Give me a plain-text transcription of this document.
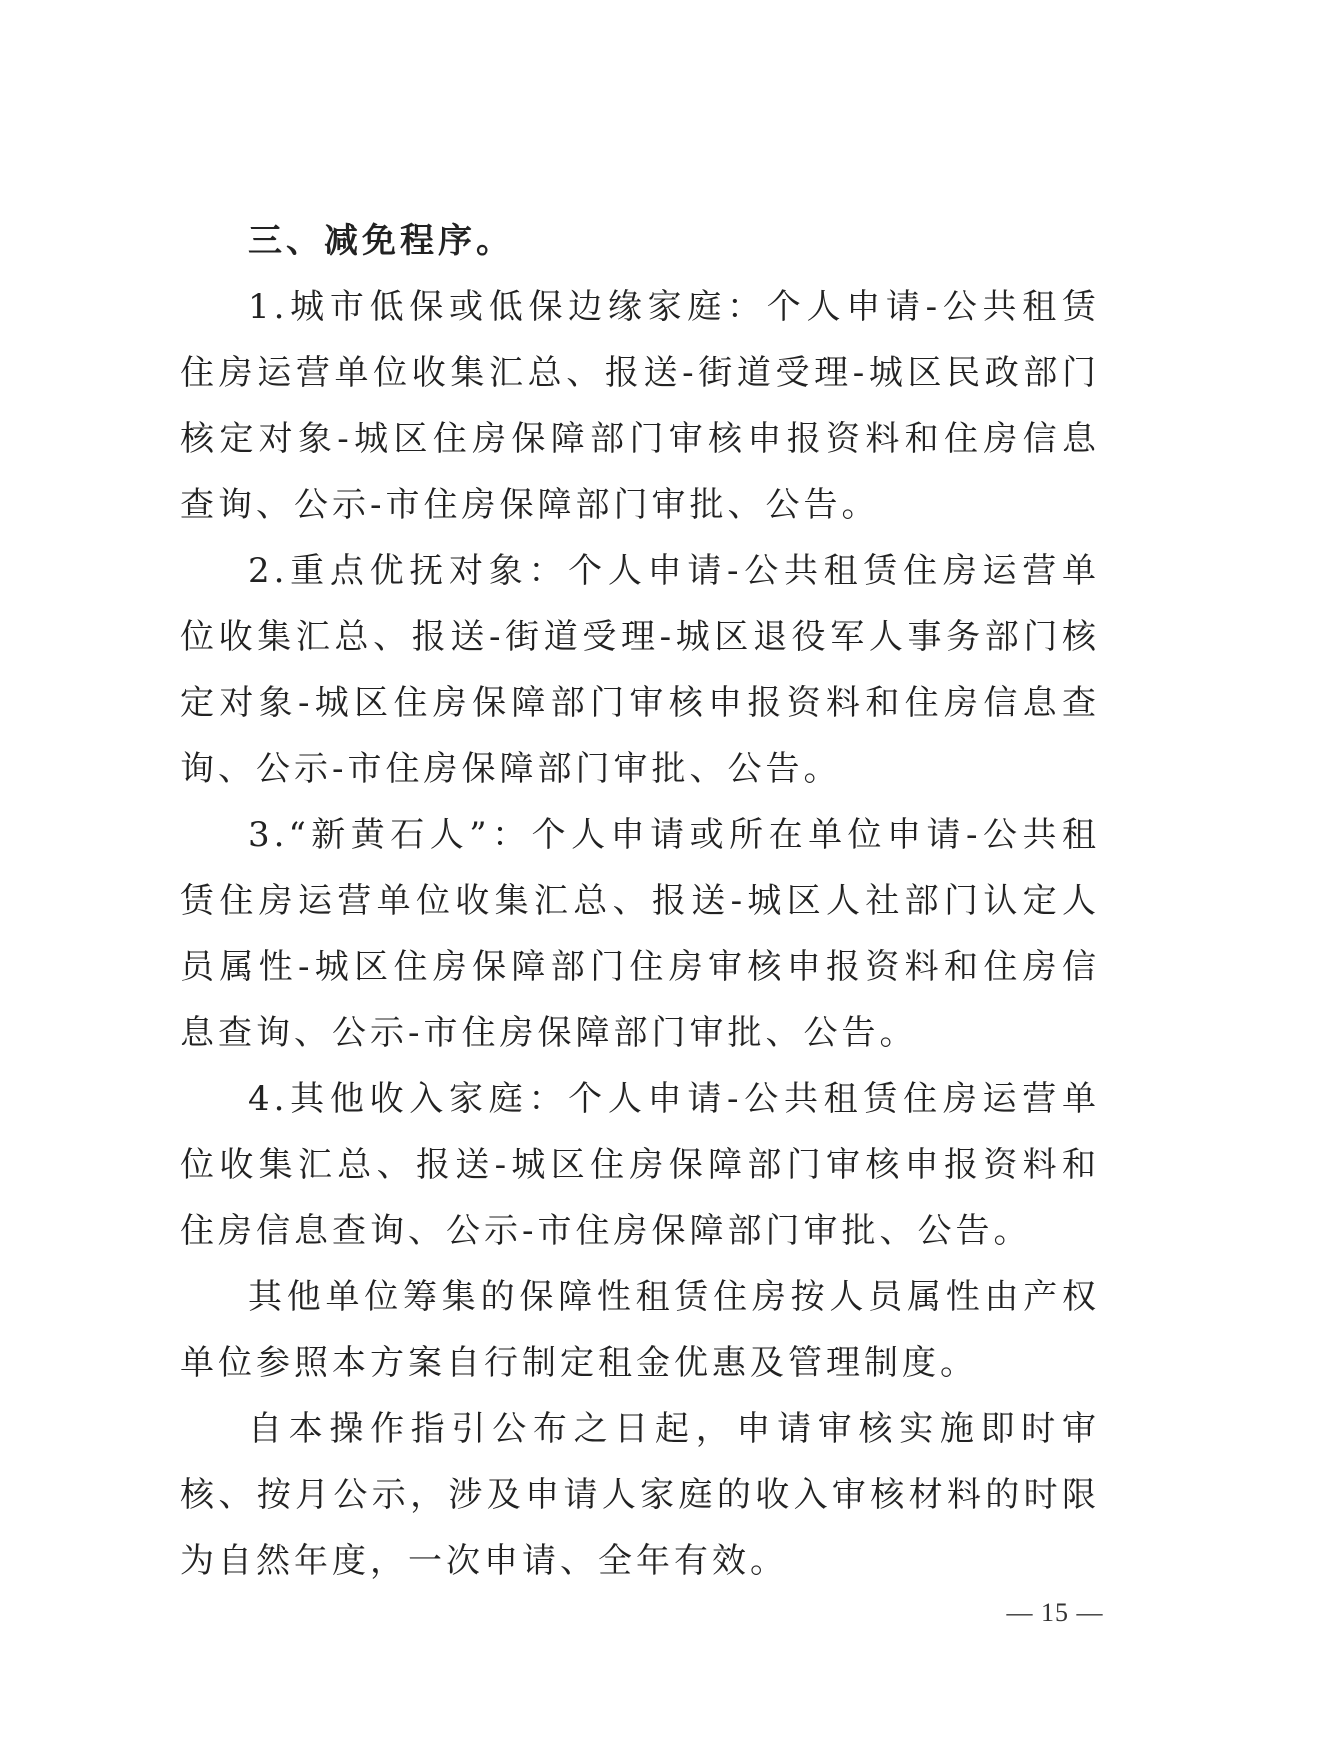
三、减免程序。

1.城市低保或低保边缘家庭：个人申请-公共租赁住房运营单位收集汇总、报送-街道受理-城区民政部门核定对象-城区住房保障部门审核申报资料和住房信息查询、公示-市住房保障部门审批、公告。

2.重点优抚对象：个人申请-公共租赁住房运营单位收集汇总、报送-街道受理-城区退役军人事务部门核定对象-城区住房保障部门审核申报资料和住房信息查询、公示-市住房保障部门审批、公告。

3.“新黄石人”：个人申请或所在单位申请-公共租赁住房运营单位收集汇总、报送-城区人社部门认定人员属性-城区住房保障部门住房审核申报资料和住房信息查询、公示-市住房保障部门审批、公告。

4.其他收入家庭：个人申请-公共租赁住房运营单位收集汇总、报送-城区住房保障部门审核申报资料和住房信息查询、公示-市住房保障部门审批、公告。

其他单位筹集的保障性租赁住房按人员属性由产权单位参照本方案自行制定租金优惠及管理制度。

自本操作指引公布之日起，申请审核实施即时审核、按月公示，涉及申请人家庭的收入审核材料的时限为自然年度，一次申请、全年有效。

— 15 —
